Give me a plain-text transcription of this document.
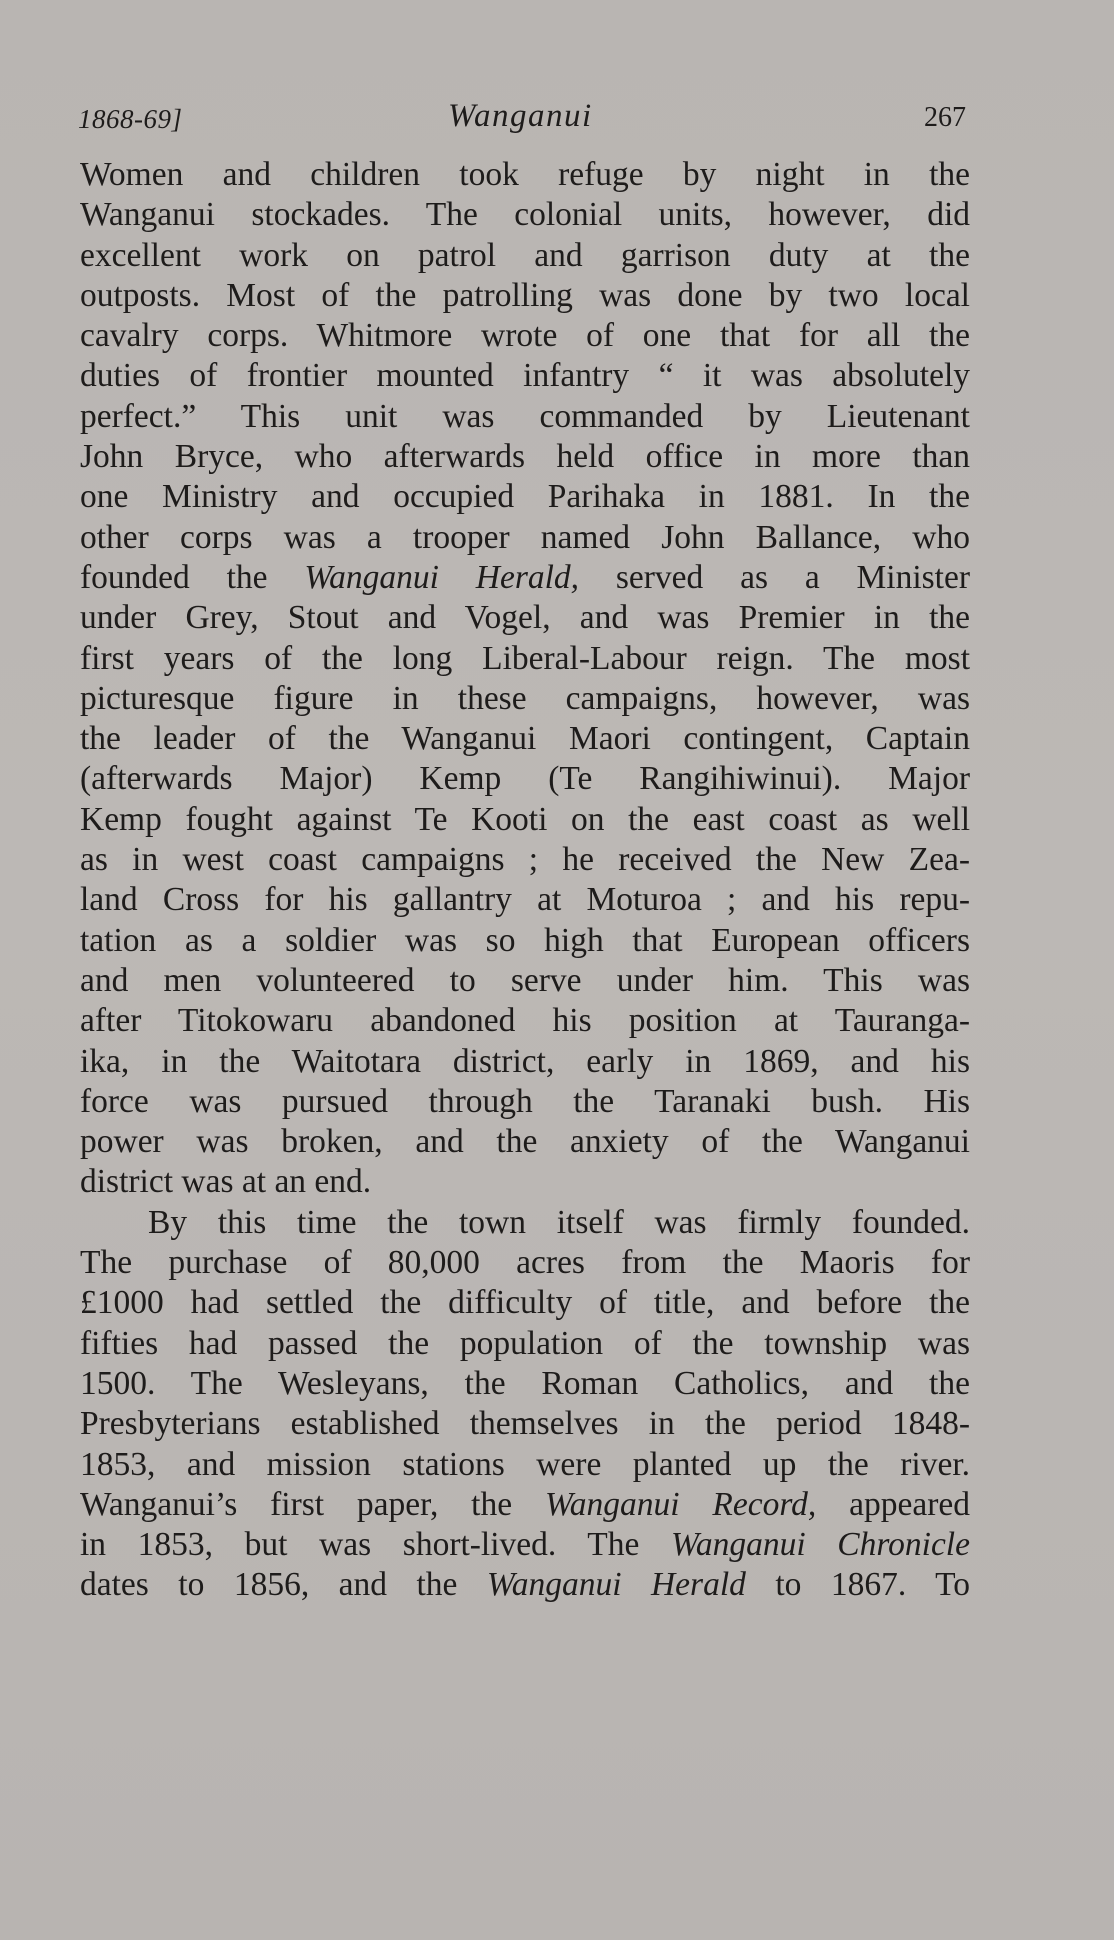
1868-69]	Wanganui	267
Women and children took refuge by night in the
Wanganui stockades. The colonial units, however, did
excellent work on patrol and garrison duty at the
outposts. Most of the patrolling was done by two local
cavalry corps. Whitmore wrote of one that for all the
duties of frontier mounted infantry “ it was absolutely
perfect.” This unit was commanded by Lieutenant
John Bryce, who afterwards held office in more than
one Ministry and occupied Parihaka in 1881. In the
other corps was a trooper named John Ballance, who
founded the Wanganui Herald, served as a Minister
under Grey, Stout and Vogel, and was Premier in the
first years of the long Liberal-Labour reign. The most
picturesque figure in these campaigns, however, was
the leader of the Wanganui Maori contingent, Captain
(afterwards Major) Kemp (Te Rangihiwinui). Major
Kemp fought against Te Kooti on the east coast as well
as in west coast campaigns ; he received the New Zea-
land Cross for his gallantry at Moturoa ; and his repu-
tation as a soldier was so high that European officers
and men volunteered to serve under him. This was
after Titokowaru abandoned his position at Tauranga-
ika, in the Waitotara district, early in 1869, and his
force was pursued through the Taranaki bush. His
power was broken, and the anxiety of the Wanganui
district was at an end.
By this time the town itself was firmly founded.
The purchase of 80,000 acres from the Maoris for
£1000 had settled the difficulty of title, and before the
fifties had passed the population of the township was
1500. The Wesleyans, the Roman Catholics, and the
Presbyterians established themselves in the period 1848-
1853, and mission stations were planted up the river.
Wanganui’s first paper, the Wanganui Record, appeared
in 1853, but was short-lived. The Wanganui Chronicle
dates to 1856, and the Wanganui Herald to 1867. To
